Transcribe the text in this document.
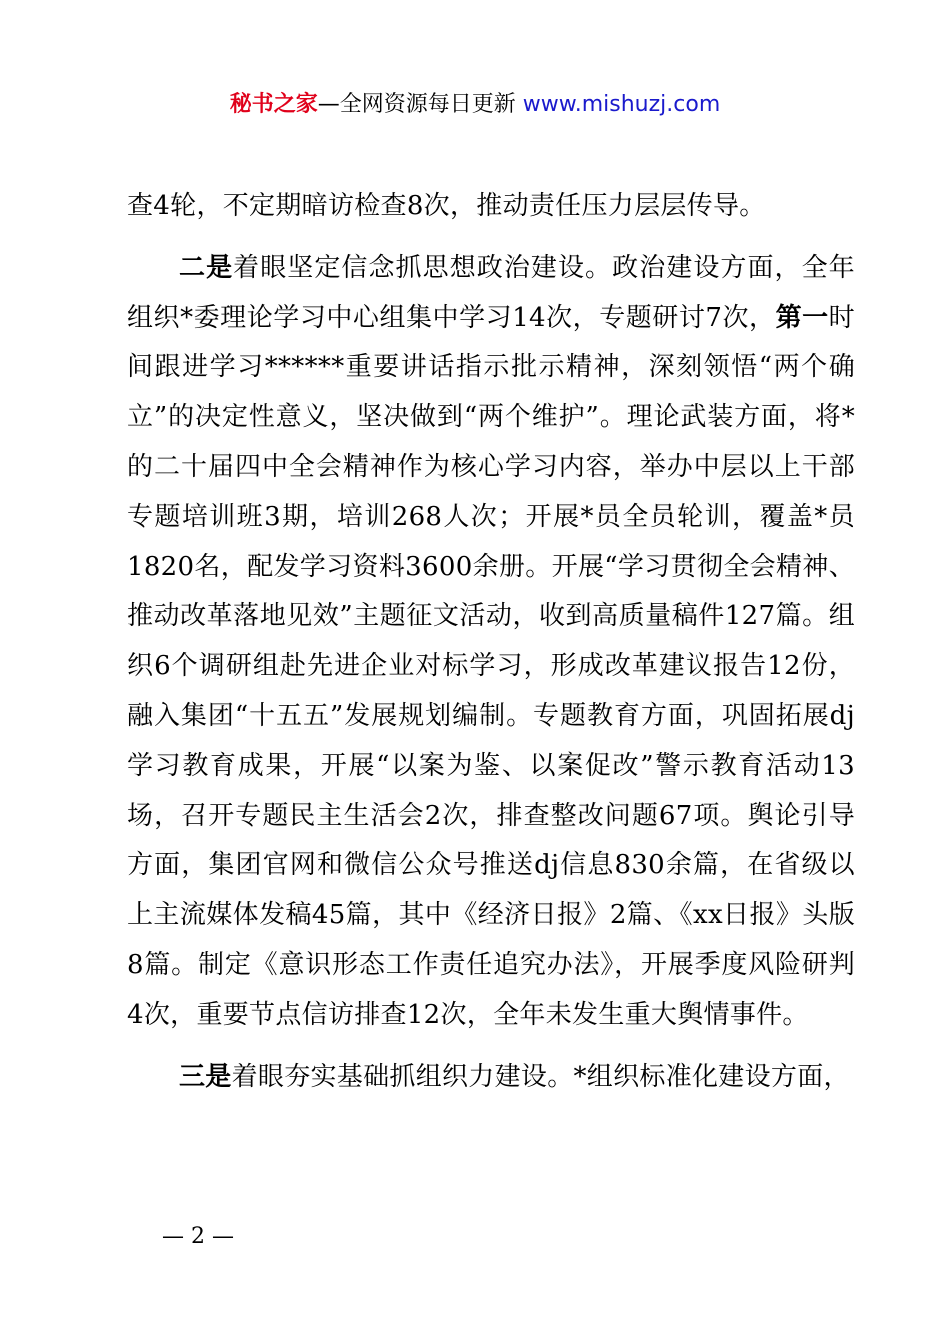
秘书之家—全网资源每日更新 www.mishuzj.com

查4轮，不定期暗访检查8次，推动责任压力层层传导。

二是着眼坚定信念抓思想政治建设。政治建设方面，全年组织*委理论学习中心组集中学习14次，专题研讨7次，第一时间跟进学习******重要讲话指示批示精神，深刻领悟“两个确立”的决定性意义，坚决做到“两个维护”。理论武装方面，将*的二十届四中全会精神作为核心学习内容，举办中层以上干部专题培训班3期，培训268人次；开展*员全员轮训，覆盖*员1820名，配发学习资料3600余册。开展“学习贯彻全会精神、推动改革落地见效”主题征文活动，收到高质量稿件127篇。组织6个调研组赴先进企业对标学习，形成改革建议报告12份，融入集团“十五五”发展规划编制。专题教育方面，巩固拓展dj学习教育成果，开展“以案为鉴、以案促改”警示教育活动13场，召开专题民主生活会2次，排查整改问题67项。舆论引导方面，集团官网和微信公众号推送dj信息830余篇，在省级以上主流媒体发稿45篇，其中《经济日报》2篇、《xx日报》头版8篇。制定《意识形态工作责任追究办法》，开展季度风险研判4次，重要节点信访排查12次，全年未发生重大舆情事件。

三是着眼夯实基础抓组织力建设。*组织标准化建设方面，

— 2 —
